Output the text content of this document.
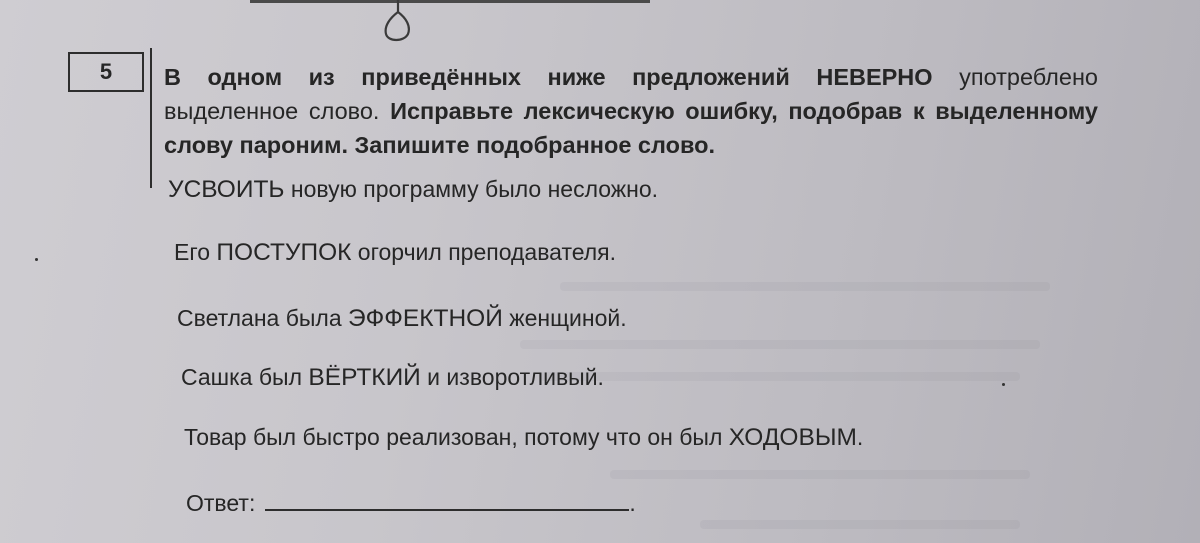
5	В одном из приведённых ниже предложений НЕВЕРНО употреблено выделенное слово. Исправьте лексическую ошибку, подобрав к выделенному слову пароним. Запишите подобранное слово.
УСВОИТЬ новую программу было несложно.
Его ПОСТУПОК огорчил преподавателя.
Светлана была ЭФФЕКТНОЙ женщиной.
Сашка был ВЁРТКИЙ и изворотливый.
Товар был быстро реализован, потому что он был ХОДОВЫМ.
Ответ:	.
